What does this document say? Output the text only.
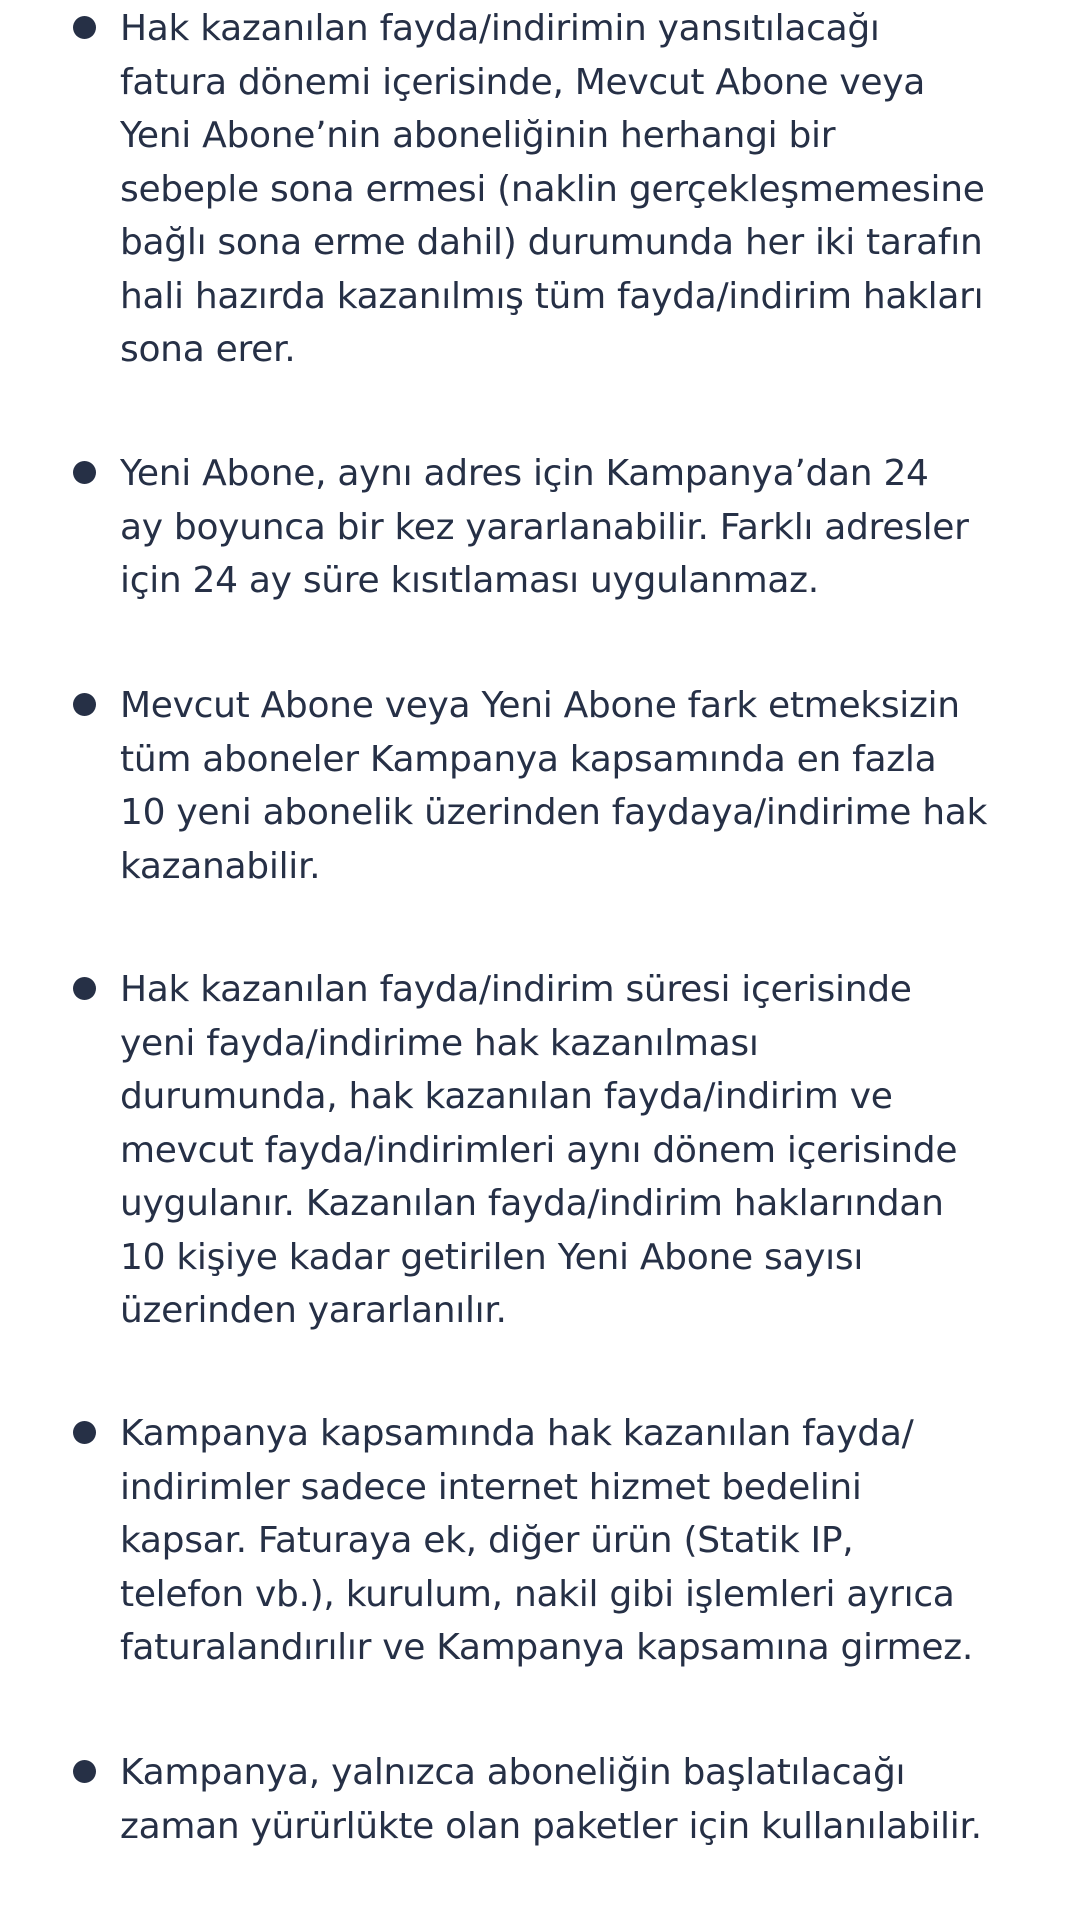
Hak kazanılan fayda/indirimin yansıtılacağı
fatura dönemi içerisinde, Mevcut Abone veya
Yeni Abone’nin aboneliğinin herhangi bir
sebeple sona ermesi (naklin gerçekleşmemesine
bağlı sona erme dahil) durumunda her iki tarafın
hali hazırda kazanılmış tüm fayda/indirim hakları
sona erer.

Yeni Abone, aynı adres için Kampanya’dan 24
ay boyunca bir kez yararlanabilir. Farklı adresler
için 24 ay süre kısıtlaması uygulanmaz.

Mevcut Abone veya Yeni Abone fark etmeksizin
tüm aboneler Kampanya kapsamında en fazla
10 yeni abonelik üzerinden faydaya/indirime hak
kazanabilir.

Hak kazanılan fayda/indirim süresi içerisinde
yeni fayda/indirime hak kazanılması
durumunda, hak kazanılan fayda/indirim ve
mevcut fayda/indirimleri aynı dönem içerisinde
uygulanır. Kazanılan fayda/indirim haklarından
10 kişiye kadar getirilen Yeni Abone sayısı
üzerinden yararlanılır.

Kampanya kapsamında hak kazanılan fayda/
indirimler sadece internet hizmet bedelini
kapsar. Faturaya ek, diğer ürün (Statik IP,
telefon vb.), kurulum, nakil gibi işlemleri ayrıca
faturalandırılır ve Kampanya kapsamına girmez.

Kampanya, yalnızca aboneliğin başlatılacağı
zaman yürürlükte olan paketler için kullanılabilir.
